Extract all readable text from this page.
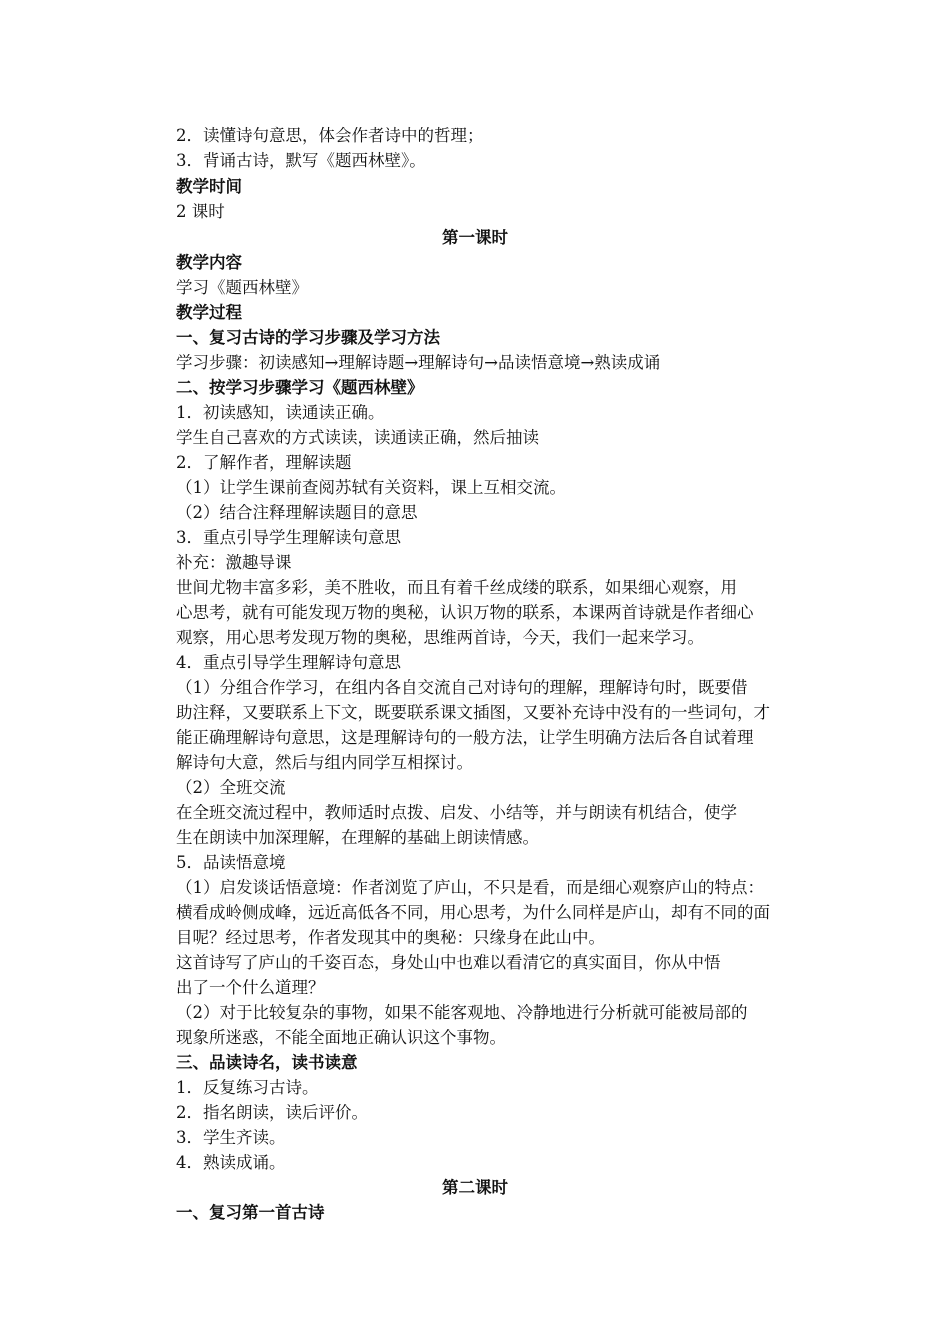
2．读懂诗句意思，体会作者诗中的哲理；
3．背诵古诗，默写《题西林壁》。
教学时间
2 课时
第一课时
教学内容
学习《题西林壁》
教学过程
一、复习古诗的学习步骤及学习方法
学习步骤：初读感知→理解诗题→理解诗句→品读悟意境→熟读成诵
二、按学习步骤学习《题西林壁》
1．初读感知，读通读正确。
学生自己喜欢的方式读读，读通读正确，然后抽读
2．了解作者，理解读题
（1）让学生课前查阅苏轼有关资料，课上互相交流。
（2）结合注释理解读题目的意思
3．重点引导学生理解读句意思
补充：激趣导课
世间尤物丰富多彩，美不胜收，而且有着千丝成缕的联系，如果细心观察，用
心思考，就有可能发现万物的奥秘，认识万物的联系，本课两首诗就是作者细心
观察，用心思考发现万物的奥秘，思维两首诗，今天，我们一起来学习。
4．重点引导学生理解诗句意思
（1）分组合作学习，在组内各自交流自己对诗句的理解，理解诗句时，既要借
助注释，又要联系上下文，既要联系课文插图，又要补充诗中没有的一些词句，才
能正确理解诗句意思，这是理解诗句的一般方法，让学生明确方法后各自试着理
解诗句大意，然后与组内同学互相探讨。
（2）全班交流
在全班交流过程中，教师适时点拨、启发、小结等，并与朗读有机结合，使学
生在朗读中加深理解，在理解的基础上朗读情感。
5．品读悟意境
（1）启发谈话悟意境：作者浏览了庐山，不只是看，而是细心观察庐山的特点：
横看成岭侧成峰，远近高低各不同，用心思考，为什么同样是庐山，却有不同的面
目呢？经过思考，作者发现其中的奥秘：只缘身在此山中。
这首诗写了庐山的千姿百态，身处山中也难以看清它的真实面目，你从中悟
出了一个什么道理？
（2）对于比较复杂的事物，如果不能客观地、冷静地进行分析就可能被局部的
现象所迷惑，不能全面地正确认识这个事物。
三、品读诗名，读书读意
1．反复练习古诗。
2．指名朗读，读后评价。
3．学生齐读。
4．熟读成诵。
第二课时
一、复习第一首古诗
